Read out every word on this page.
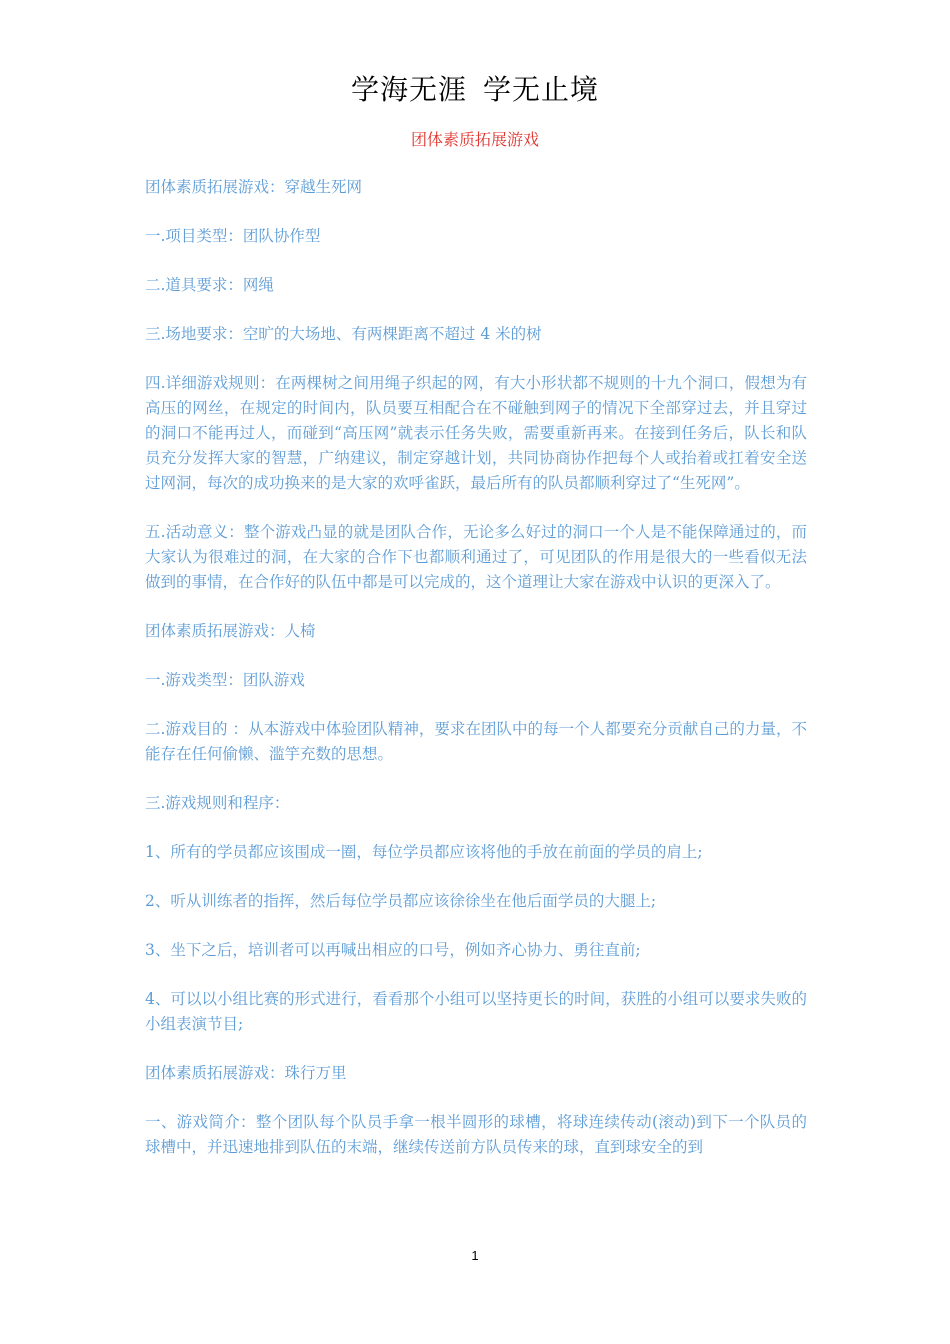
学海无涯 学无止境
团体素质拓展游戏

团体素质拓展游戏：穿越生死网

一.项目类型：团队协作型

二.道具要求：网绳

三.场地要求：空旷的大场地、有两棵距离不超过 4 米的树

四.详细游戏规则：在两棵树之间用绳子织起的网，有大小形状都不规则的十九个洞口，假想为有高压的网丝，在规定的时间内，队员要互相配合在不碰触到网子的情况下全部穿过去，并且穿过的洞口不能再过人，而碰到“高压网”就表示任务失败，需要重新再来。在接到任务后，队长和队员充分发挥大家的智慧，广纳建议，制定穿越计划，共同协商协作把每个人或抬着或扛着安全送过网洞，每次的成功换来的是大家的欢呼雀跃，最后所有的队员都顺利穿过了“生死网”。

五.活动意义：整个游戏凸显的就是团队合作，无论多么好过的洞口一个人是不能保障通过的，而大家认为很难过的洞，在大家的合作下也都顺利通过了，可见团队的作用是很大的一些看似无法做到的事情，在合作好的队伍中都是可以完成的，这个道理让大家在游戏中认识的更深入了。

团体素质拓展游戏：人椅

一.游戏类型：团队游戏

二.游戏目的 ：从本游戏中体验团队精神，要求在团队中的每一个人都要充分贡献自己的力量，不能存在任何偷懒、滥竽充数的思想。

三.游戏规则和程序：

1、所有的学员都应该围成一圈，每位学员都应该将他的手放在前面的学员的肩上;

2、听从训练者的指挥，然后每位学员都应该徐徐坐在他后面学员的大腿上;

3、坐下之后，培训者可以再喊出相应的口号，例如齐心协力、勇往直前;

4、可以以小组比赛的形式进行，看看那个小组可以坚持更长的时间，获胜的小组可以要求失败的小组表演节目;

团体素质拓展游戏：珠行万里

一、游戏简介：整个团队每个队员手拿一根半圆形的球槽，将球连续传动(滚动)到下一个队员的球槽中，并迅速地排到队伍的末端，继续传送前方队员传来的球，直到球安全的到

1
